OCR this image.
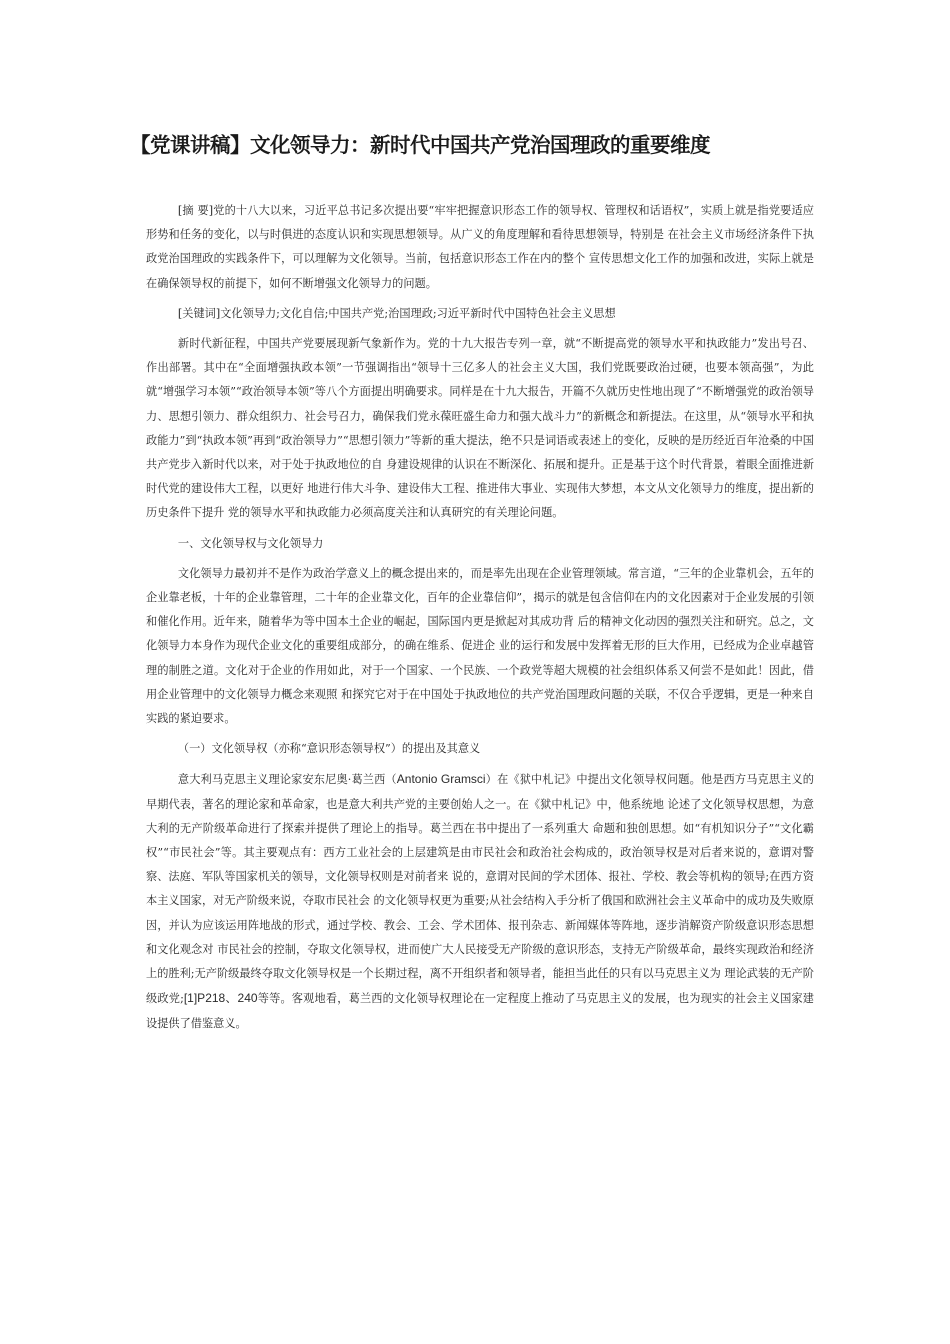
【党课讲稿】文化领导力：新时代中国共产党治国理政的重要维度

[摘 要]党的十八大以来，习近平总书记多次提出要“牢牢把握意识形态工作的领导权、管理权和话语权”，实质上就是指党要适应形势和任务的变化，以与时俱进的态度认识和实现思想领导。从广义的角度理解和看待思想领导，特别是 在社会主义市场经济条件下执政党治国理政的实践条件下，可以理解为文化领导。当前，包括意识形态工作在内的整个 宣传思想文化工作的加强和改进，实际上就是在确保领导权的前提下，如何不断增强文化领导力的问题。

[关键词]文化领导力;文化自信;中国共产党;治国理政;习近平新时代中国特色社会主义思想

新时代新征程，中国共产党要展现新气象新作为。党的十九大报告专列一章，就“不断提高党的领导水平和执政能力”发出号召、作出部署。其中在“全面增强执政本领”一节强调指出“领导十三亿多人的社会主义大国，我们党既要政治过硬，也要本领高强”，为此就“增强学习本领”“政治领导本领”等八个方面提出明确要求。同样是在十九大报告，开篇不久就历史性地出现了“不断增强党的政治领导力、思想引领力、群众组织力、社会号召力，确保我们党永葆旺盛生命力和强大战斗力”的新概念和新提法。在这里，从“领导水平和执政能力”到“执政本领”再到“政治领导力”“思想引领力”等新的重大提法，绝不只是词语或表述上的变化，反映的是历经近百年沧桑的中国共产党步入新时代以来，对于处于执政地位的自 身建设规律的认识在不断深化、拓展和提升。正是基于这个时代背景，着眼全面推进新时代党的建设伟大工程，以更好 地进行伟大斗争、建设伟大工程、推进伟大事业、实现伟大梦想，本文从文化领导力的维度，提出新的历史条件下提升 党的领导水平和执政能力必须高度关注和认真研究的有关理论问题。

一、文化领导权与文化领导力

文化领导力最初并不是作为政治学意义上的概念提出来的，而是率先出现在企业管理领域。常言道，“三年的企业靠机会，五年的企业靠老板，十年的企业靠管理，二十年的企业靠文化，百年的企业靠信仰”，揭示的就是包含信仰在内的文化因素对于企业发展的引领和催化作用。近年来，随着华为等中国本土企业的崛起，国际国内更是掀起对其成功背 后的精神文化动因的强烈关注和研究。总之，文化领导力本身作为现代企业文化的重要组成部分，的确在维系、促进企 业的运行和发展中发挥着无形的巨大作用，已经成为企业卓越管理的制胜之道。文化对于企业的作用如此，对于一个国家、一个民族、一个政党等超大规模的社会组织体系又何尝不是如此！因此，借用企业管理中的文化领导力概念来观照 和探究它对于在中国处于执政地位的共产党治国理政问题的关联，不仅合乎逻辑，更是一种来自实践的紧迫要求。

（一）文化领导权（亦称“意识形态领导权”）的提出及其意义

意大利马克思主义理论家安东尼奥·葛兰西（Antonio Gramsci）在《狱中札记》中提出文化领导权问题。他是西方马克思主义的早期代表，著名的理论家和革命家，也是意大利共产党的主要创始人之一。在《狱中札记》中，他系统地 论述了文化领导权思想，为意大利的无产阶级革命进行了探索并提供了理论上的指导。葛兰西在书中提出了一系列重大 命题和独创思想。如“有机知识分子”“文化霸权”“市民社会”等。其主要观点有：西方工业社会的上层建筑是由市民社会和政治社会构成的，政治领导权是对后者来说的，意谓对警察、法庭、军队等国家机关的领导，文化领导权则是对前者来 说的，意谓对民间的学术团体、报社、学校、教会等机构的领导;在西方资本主义国家，对无产阶级来说，夺取市民社会 的文化领导权更为重要;从社会结构入手分析了俄国和欧洲社会主义革命中的成功及失败原因，并认为应该运用阵地战的形式，通过学校、教会、工会、学术团体、报刊杂志、新闻媒体等阵地，逐步消解资产阶级意识形态思想和文化观念对 市民社会的控制，夺取文化领导权，进而使广大人民接受无产阶级的意识形态，支持无产阶级革命，最终实现政治和经济上的胜利;无产阶级最终夺取文化领导权是一个长期过程，离不开组织者和领导者，能担当此任的只有以马克思主义为 理论武装的无产阶级政党;[1]P218、240等等。客观地看，葛兰西的文化领导权理论在一定程度上推动了马克思主义的发展，也为现实的社会主义国家建设提供了借鉴意义。
